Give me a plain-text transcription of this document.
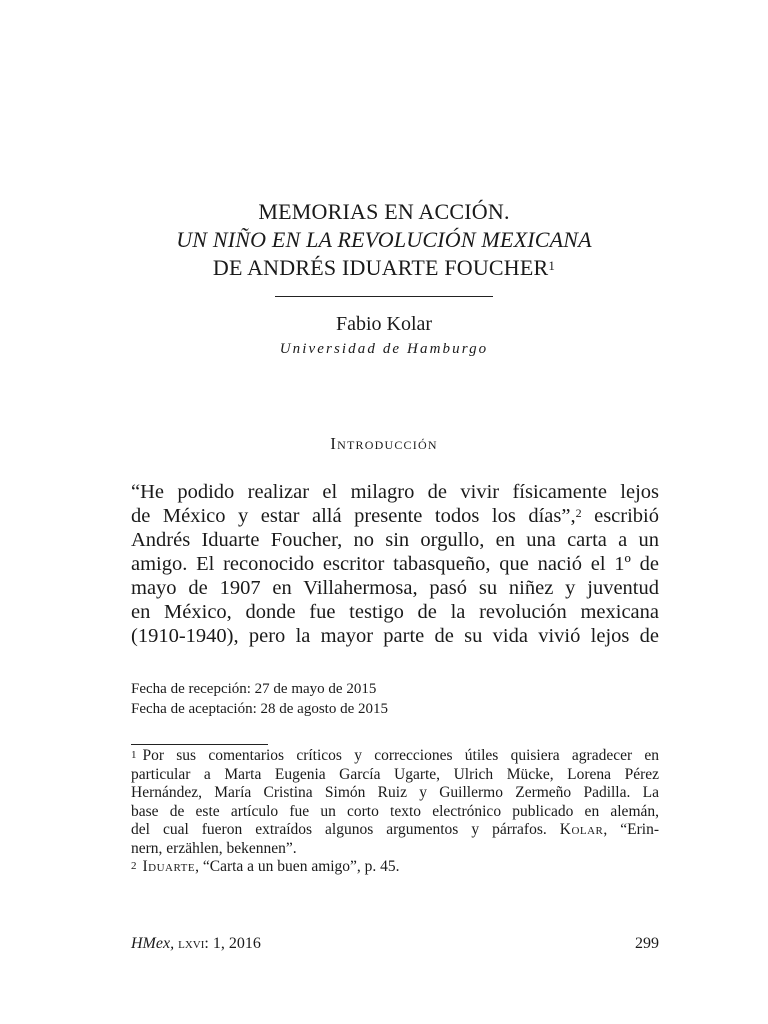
MEMORIAS EN ACCIÓN.
UN NIÑO EN LA REVOLUCIÓN MEXICANA
DE ANDRÉS IDUARTE FOUCHER$^1$
Fabio Kolar
Universidad de Hamburgo
Introducción
“He podido realizar el milagro de vivir físicamente lejos
de México y estar allá presente todos los días”,$^2$ escribió
Andrés Iduarte Foucher, no sin orgullo, en una carta a un
amigo. El reconocido escritor tabasqueño, que nació el 1º de
mayo de 1907 en Villahermosa, pasó su niñez y juventud
en México, donde fue testigo de la revolución mexicana
(1910-1940), pero la mayor parte de su vida vivió lejos de
Fecha de recepción: 27 de mayo de 2015
Fecha de aceptación: 28 de agosto de 2015
$^1$ Por sus comentarios críticos y correcciones útiles quisiera agradecer en
particular a Marta Eugenia García Ugarte, Ulrich Mücke, Lorena Pérez
Hernández, María Cristina Simón Ruiz y Guillermo Zermeño Padilla. La
base de este artículo fue un corto texto electrónico publicado en alemán,
del cual fueron extraídos algunos argumentos y párrafos. Kolar, “Erin-
nern, erzählen, bekennen”.
$^2$ Iduarte, “Carta a un buen amigo”, p. 45.
HMex, lxvi: 1, 2016	299
